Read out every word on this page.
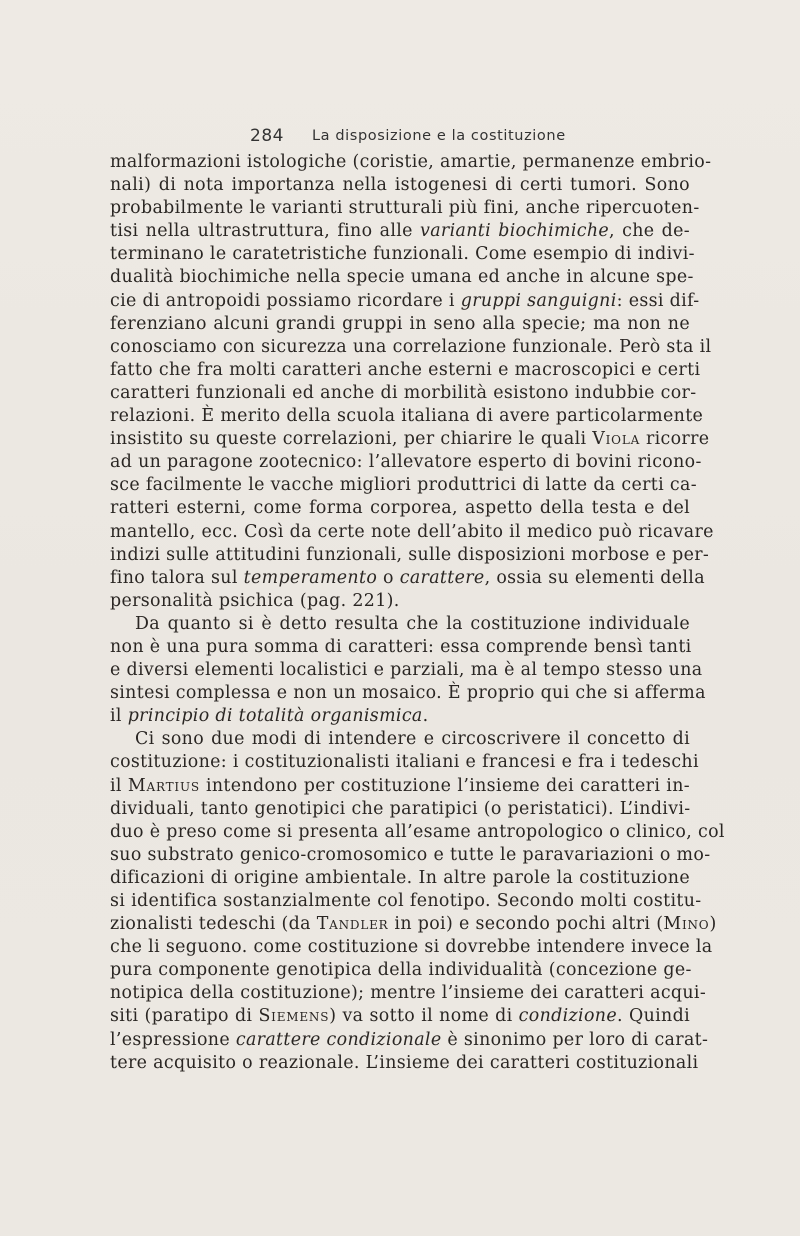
284 La disposizione e la costituzione
malformazioni istologiche (coristie, amartie, permanenze embrio-
nali) di nota importanza nella istogenesi di certi tumori. Sono
probabilmente le varianti strutturali più fini, anche ripercuoten-
tisi nella ultrastruttura, fino alle varianti biochimiche, che de-
terminano le caratetristiche funzionali. Come esempio di indivi-
dualità biochimiche nella specie umana ed anche in alcune spe-
cie di antropoidi possiamo ricordare i gruppi sanguigni: essi dif-
ferenziano alcuni grandi gruppi in seno alla specie; ma non ne
conosciamo con sicurezza una correlazione funzionale. Però sta il
fatto che fra molti caratteri anche esterni e macroscopici e certi
caratteri funzionali ed anche di morbilità esistono indubbie cor-
relazioni. È merito della scuola italiana di avere particolarmente
insistito su queste correlazioni, per chiarire le quali Viola ricorre
ad un paragone zootecnico: l’allevatore esperto di bovini ricono-
sce facilmente le vacche migliori produttrici di latte da certi ca-
ratteri esterni, come forma corporea, aspetto della testa e del
mantello, ecc. Così da certe note dell’abito il medico può ricavare
indizi sulle attitudini funzionali, sulle disposizioni morbose e per-
fino talora sul temperamento o carattere, ossia su elementi della
personalità psichica (pag. 221).
Da quanto si è detto resulta che la costituzione individuale
non è una pura somma di caratteri: essa comprende bensì tanti
e diversi elementi localistici e parziali, ma è al tempo stesso una
sintesi complessa e non un mosaico. È proprio qui che si afferma
il principio di totalità organismica.
Ci sono due modi di intendere e circoscrivere il concetto di
costituzione: i costituzionalisti italiani e francesi e fra i tedeschi
il Martius intendono per costituzione l’insieme dei caratteri in-
dividuali, tanto genotipici che paratipici (o peristatici). L’indivi-
duo è preso come si presenta all’esame antropologico o clinico, col
suo substrato genico-cromosomico e tutte le paravariazioni o mo-
dificazioni di origine ambientale. In altre parole la costituzione
si identifica sostanzialmente col fenotipo. Secondo molti costitu-
zionalisti tedeschi (da Tandler in poi) e secondo pochi altri (Mino)
che li seguono. come costituzione si dovrebbe intendere invece la
pura componente genotipica della individualità (concezione ge-
notipica della costituzione); mentre l’insieme dei caratteri acqui-
siti (paratipo di Siemens) va sotto il nome di condizione. Quindi
l’espressione carattere condizionale è sinonimo per loro di carat-
tere acquisito o reazionale. L’insieme dei caratteri costituzionali
